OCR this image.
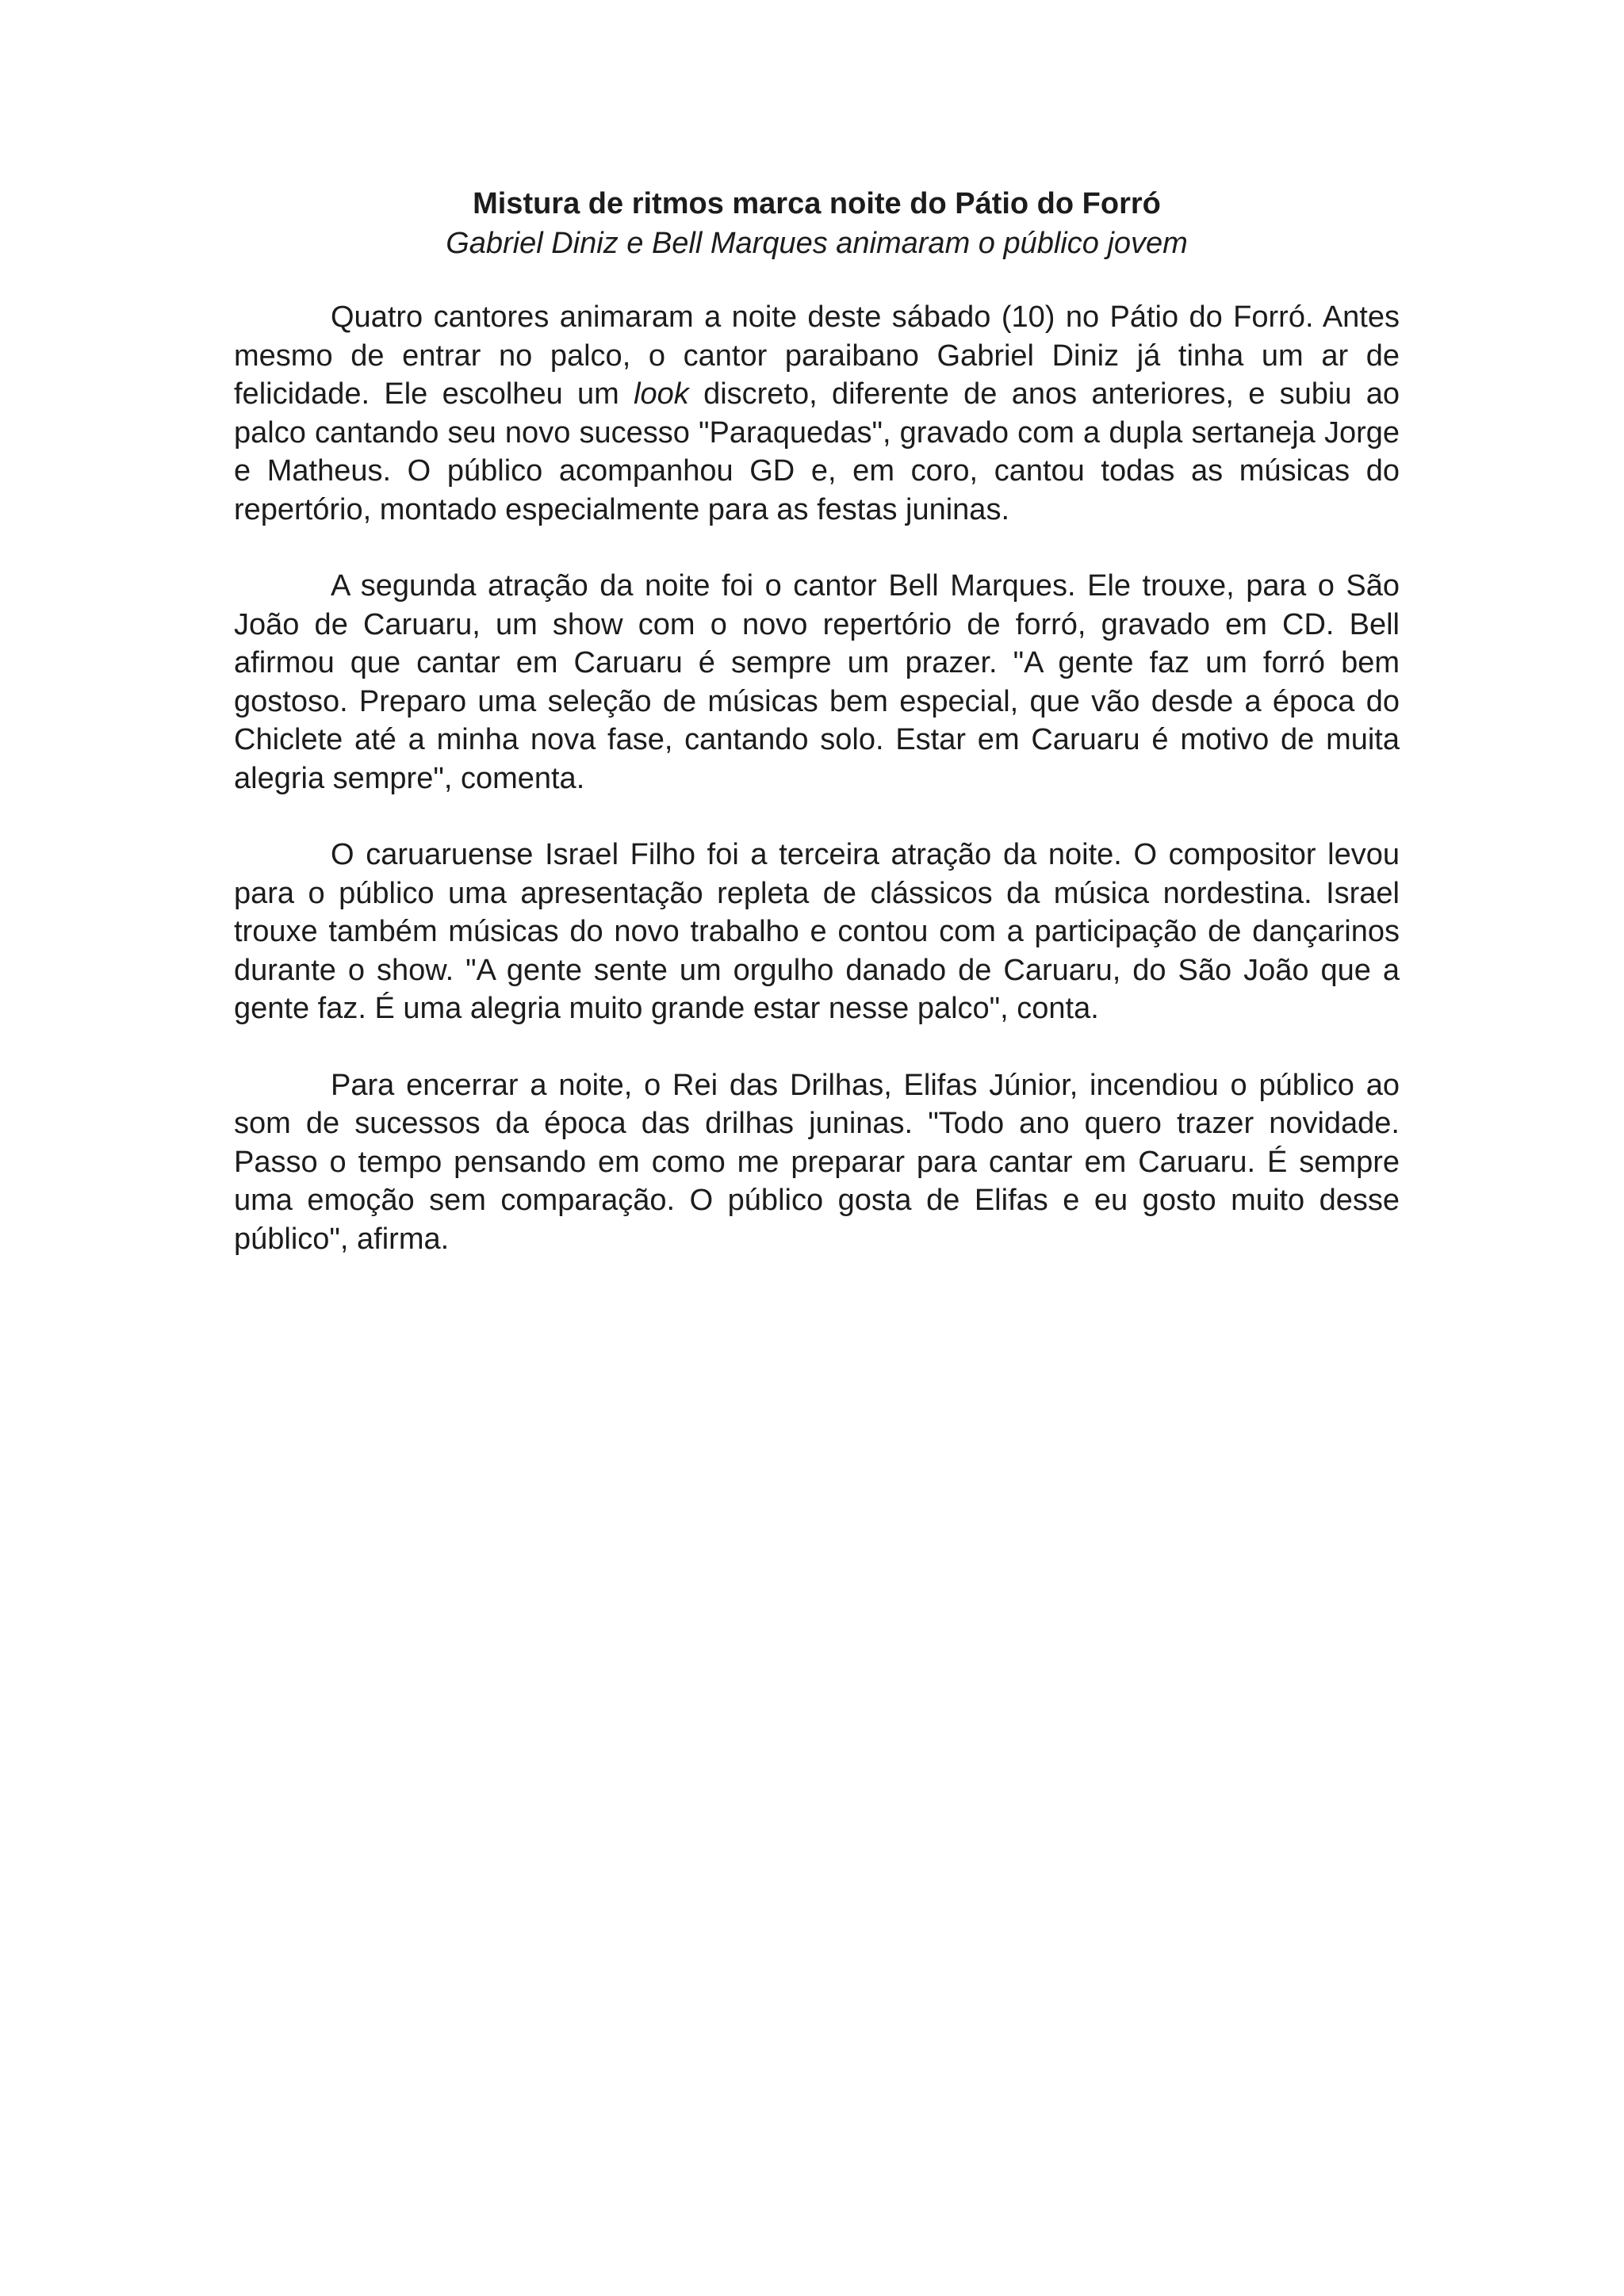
Mistura de ritmos marca noite do Pátio do Forró

Gabriel Diniz e Bell Marques animaram o público jovem

Quatro cantores animaram a noite deste sábado (10) no Pátio do Forró. Antes mesmo de entrar no palco, o cantor paraibano Gabriel Diniz já tinha um ar de felicidade. Ele escolheu um look discreto, diferente de anos anteriores, e subiu ao palco cantando seu novo sucesso "Paraquedas", gravado com a dupla sertaneja Jorge e Matheus. O público acompanhou GD e, em coro, cantou todas as músicas do repertório, montado especialmente para as festas juninas.

A segunda atração da noite foi o cantor Bell Marques. Ele trouxe, para o São João de Caruaru, um show com o novo repertório de forró, gravado em CD. Bell afirmou que cantar em Caruaru é sempre um prazer. "A gente faz um forró bem gostoso. Preparo uma seleção de músicas bem especial, que vão desde a época do Chiclete até a minha nova fase, cantando solo. Estar em Caruaru é motivo de muita alegria sempre", comenta.

O caruaruense Israel Filho foi a terceira atração da noite. O compositor levou para o público uma apresentação repleta de clássicos da música nordestina. Israel trouxe também músicas do novo trabalho e contou com a participação de dançarinos durante o show. "A gente sente um orgulho danado de Caruaru, do São João que a gente faz. É uma alegria muito grande estar nesse palco", conta.

Para encerrar a noite, o Rei das Drilhas, Elifas Júnior, incendiou o público ao som de sucessos da época das drilhas juninas. "Todo ano quero trazer novidade. Passo o tempo pensando em como me preparar para cantar em Caruaru. É sempre uma emoção sem comparação. O público gosta de Elifas e eu gosto muito desse público", afirma.
